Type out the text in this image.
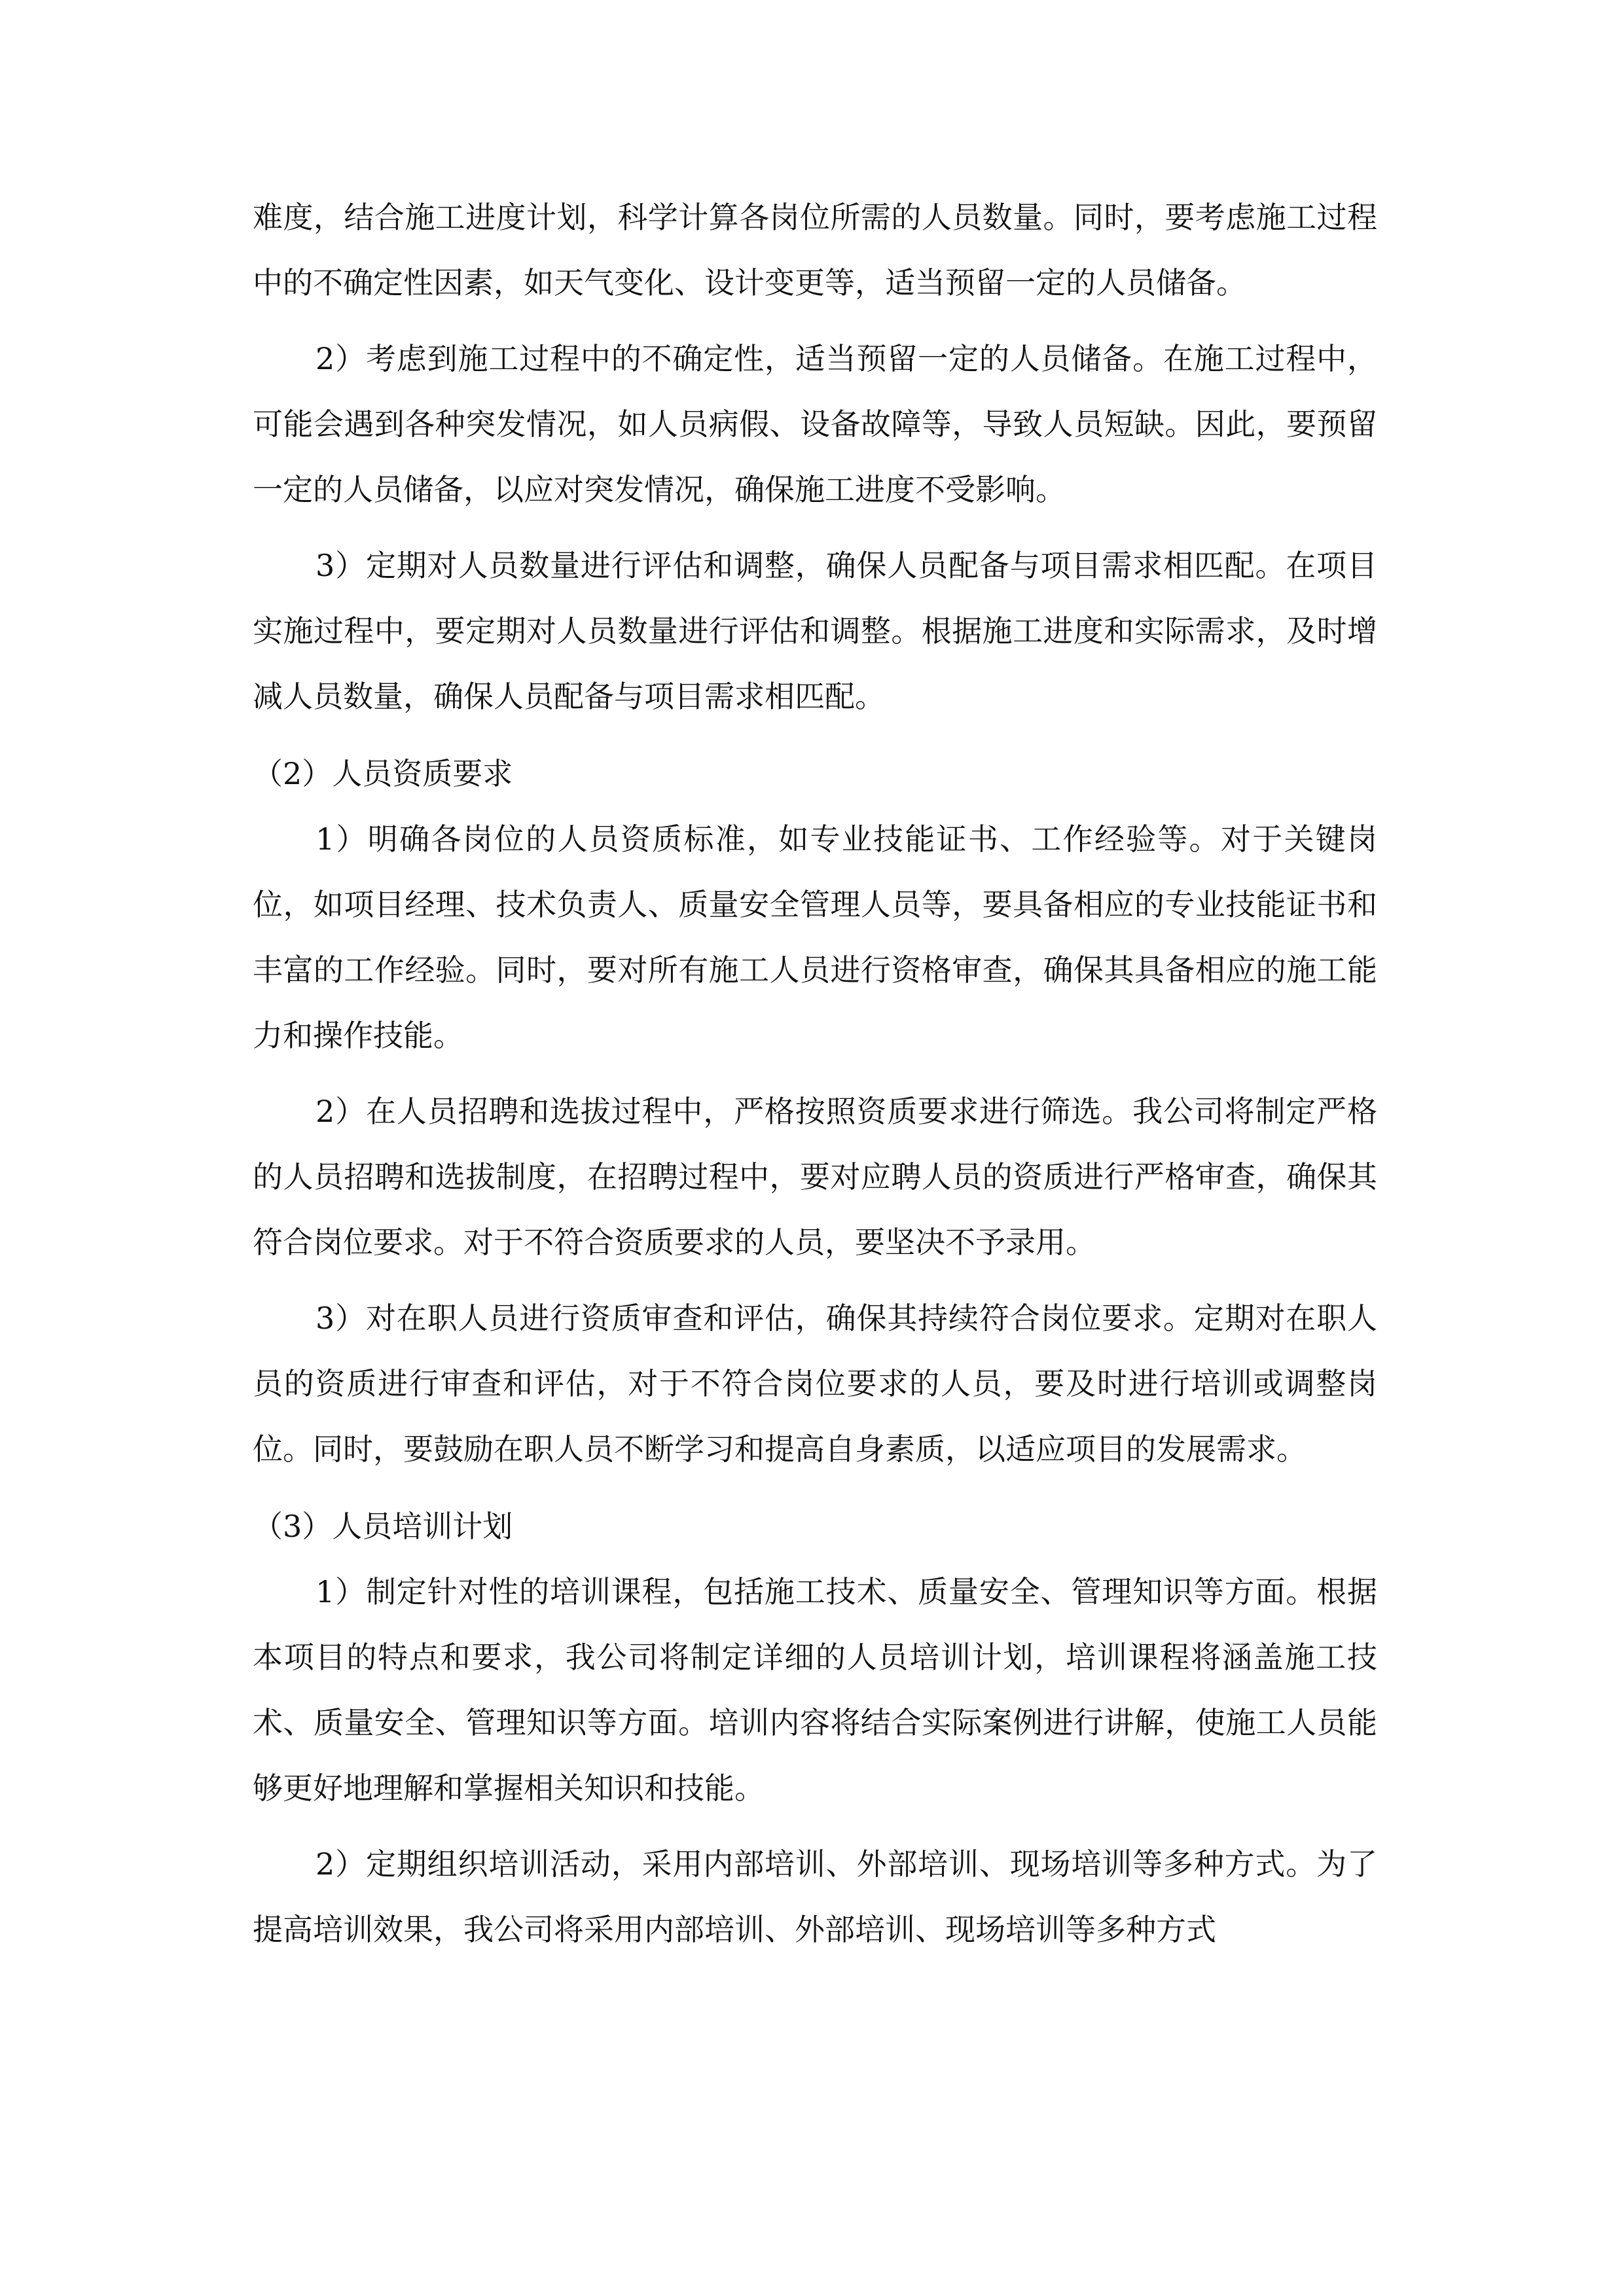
难度，结合施工进度计划，科学计算各岗位所需的人员数量。同时，要考虑施工过程中的不确定性因素，如天气变化、设计变更等，适当预留一定的人员储备。

2）考虑到施工过程中的不确定性，适当预留一定的人员储备。在施工过程中，可能会遇到各种突发情况，如人员病假、设备故障等，导致人员短缺。因此，要预留一定的人员储备，以应对突发情况，确保施工进度不受影响。

3）定期对人员数量进行评估和调整，确保人员配备与项目需求相匹配。在项目实施过程中，要定期对人员数量进行评估和调整。根据施工进度和实际需求，及时增减人员数量，确保人员配备与项目需求相匹配。

（2）人员资质要求

1）明确各岗位的人员资质标准，如专业技能证书、工作经验等。对于关键岗位，如项目经理、技术负责人、质量安全管理人员等，要具备相应的专业技能证书和丰富的工作经验。同时，要对所有施工人员进行资格审查，确保其具备相应的施工能力和操作技能。

2）在人员招聘和选拔过程中，严格按照资质要求进行筛选。我公司将制定严格的人员招聘和选拔制度，在招聘过程中，要对应聘人员的资质进行严格审查，确保其符合岗位要求。对于不符合资质要求的人员，要坚决不予录用。

3）对在职人员进行资质审查和评估，确保其持续符合岗位要求。定期对在职人员的资质进行审查和评估，对于不符合岗位要求的人员，要及时进行培训或调整岗位。同时，要鼓励在职人员不断学习和提高自身素质，以适应项目的发展需求。

（3）人员培训计划

1）制定针对性的培训课程，包括施工技术、质量安全、管理知识等方面。根据本项目的特点和要求，我公司将制定详细的人员培训计划，培训课程将涵盖施工技术、质量安全、管理知识等方面。培训内容将结合实际案例进行讲解，使施工人员能够更好地理解和掌握相关知识和技能。

2）定期组织培训活动，采用内部培训、外部培训、现场培训等多种方式。为了提高培训效果，我公司将采用内部培训、外部培训、现场培训等多种方式
